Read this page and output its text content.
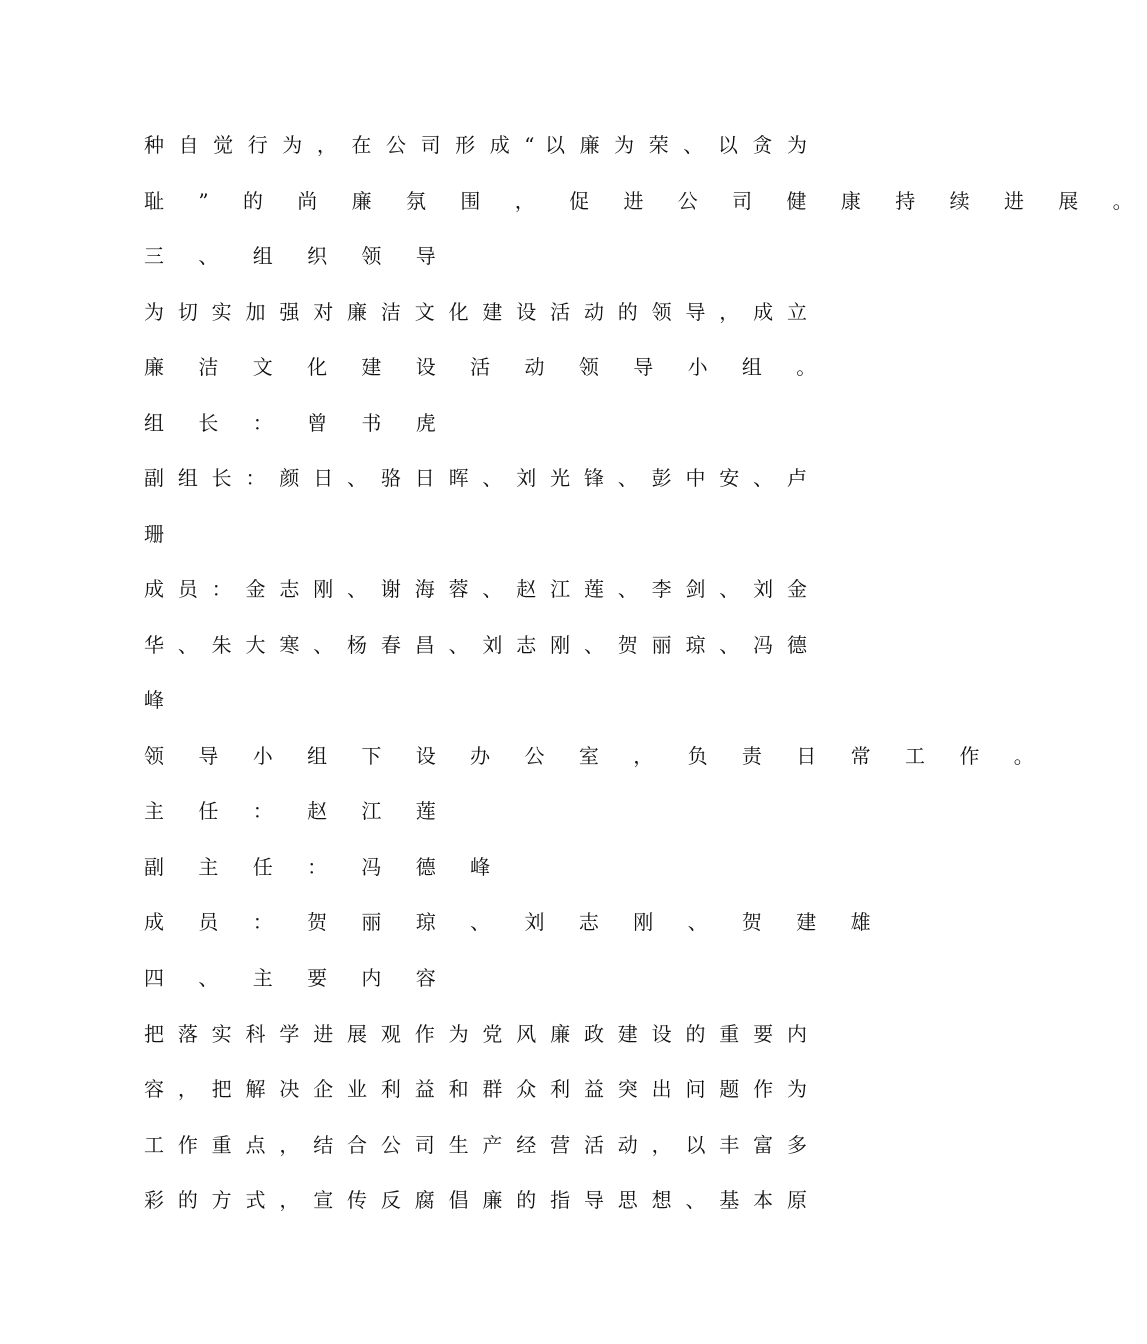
种 自 觉 行 为 ， 在 公 司 形 成 “ 以 廉 为 荣 、 以 贪 为

耻 ” 的 尚 廉 氛 围 ， 促 进 公 司 健 康 持 续 进 展 。

三 、 组 织 领 导

为 切 实 加 强 对 廉 洁 文 化 建 设 活 动 的 领 导 ， 成 立

廉 洁 文 化 建 设 活 动 领 导 小 组 。

组 长 ： 曾 书 虎

副 组 长 ： 颜 日 、 骆 日 晖 、 刘 光 锋 、 彭 中 安 、 卢

珊

成 员 ： 金 志 刚 、 谢 海 蓉 、 赵 江 莲 、 李 剑 、 刘 金

华 、 朱 大 寒 、 杨 春 昌 、 刘 志 刚 、 贺 丽 琼 、 冯 德

峰

领 导 小 组 下 设 办 公 室 ， 负 责 日 常 工 作 。

主 任 ： 赵 江 莲

副 主 任 ： 冯 德 峰

成 员 ： 贺 丽 琼 、 刘 志 刚 、 贺 建 雄

四 、 主 要 内 容

把 落 实 科 学 进 展 观 作 为 党 风 廉 政 建 设 的 重 要 内

容 ， 把 解 决 企 业 利 益 和 群 众 利 益 突 出 问 题 作 为

工 作 重 点 ， 结 合 公 司 生 产 经 营 活 动 ， 以 丰 富 多

彩 的 方 式 ， 宣 传 反 腐 倡 廉 的 指 导 思 想 、 基 本 原
